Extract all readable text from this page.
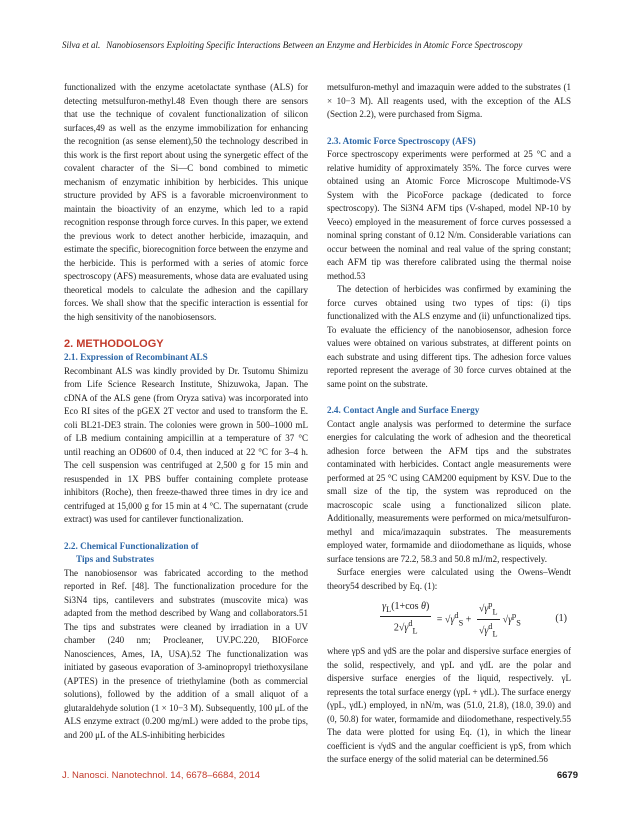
Silva et al. Nanobiosensors Exploiting Specific Interactions Between an Enzyme and Herbicides in Atomic Force Spectroscopy

functionalized with the enzyme acetolactate synthase (ALS) for detecting metsulfuron-methyl.48 Even though there are sensors that use the technique of covalent functionalization of silicon surfaces,49 as well as the enzyme immobilization for enhancing the recognition (as sense element),50 the technology described in this work is the first report about using the synergetic effect of the covalent character of the Si—C bond combined to mimetic mechanism of enzymatic inhibition by herbicides. This unique structure provided by AFS is a favorable microenvironment to maintain the bioactivity of an enzyme, which led to a rapid recognition response through force curves. In this paper, we extend the previous work to detect another herbicide, imazaquin, and estimate the specific, biorecognition force between the enzyme and the herbicide. This is performed with a series of atomic force spectroscopy (AFS) measurements, whose data are evaluated using theoretical models to calculate the adhesion and the capillary forces. We shall show that the specific interaction is essential for the high sensitivity of the nanobiosensors.

2. METHODOLOGY
2.1. Expression of Recombinant ALS

Recombinant ALS was kindly provided by Dr. Tsutomu Shimizu from Life Science Research Institute, Shizuwoka, Japan. The cDNA of the ALS gene (from Oryza sativa) was incorporated into Eco RI sites of the pGEX 2T vector and used to transform the E. coli BL21-DE3 strain. The colonies were grown in 500–1000 mL of LB medium containing ampicillin at a temperature of 37 °C until reaching an OD600 of 0.4, then induced at 22 °C for 3–4 h. The cell suspension was centrifuged at 2,500 g for 15 min and resuspended in 1X PBS buffer containing complete protease inhibitors (Roche), then freeze-thawed three times in dry ice and centrifuged at 15,000 g for 15 min at 4 °C. The supernatant (crude extract) was used for cantilever functionalization.

2.2. Chemical Functionalization of
Tips and Substrates

The nanobiosensor was fabricated according to the method reported in Ref. [48]. The functionalization procedure for the Si3N4 tips, cantilevers and substrates (muscovite mica) was adapted from the method described by Wang and collaborators.51 The tips and substrates were cleaned by irradiation in a UV chamber (240 nm; Procleaner, UV.PC.220, BIOForce Nanosciences, Ames, IA, USA).52 The functionalization was initiated by gaseous evaporation of 3-aminopropyl triethoxysilane (APTES) in the presence of triethylamine (both as commercial solutions), followed by the addition of a small aliquot of a glutaraldehyde solution (1 × 10−3 M). Subsequently, 100 μL of the ALS enzyme extract (0.200 mg/mL) were added to the probe tips, and 200 μL of the ALS-inhibiting herbicides

metsulfuron-methyl and imazaquin were added to the substrates (1 × 10−3 M). All reagents used, with the exception of the ALS (Section 2.2), were purchased from Sigma.

2.3. Atomic Force Spectroscopy (AFS)

Force spectroscopy experiments were performed at 25 °C and a relative humidity of approximately 35%. The force curves were obtained using an Atomic Force Microscope Multimode-VS System with the PicoForce package (dedicated to force spectroscopy). The Si3N4 AFM tips (V-shaped, model NP-10 by Veeco) employed in the measurement of force curves possessed a nominal spring constant of 0.12 N/m. Considerable variations can occur between the nominal and real value of the spring constant; each AFM tip was therefore calibrated using the thermal noise method.53

The detection of herbicides was confirmed by examining the force curves obtained using two types of tips: (i) tips functionalized with the ALS enzyme and (ii) unfunctionalized tips. To evaluate the efficiency of the nanobiosensor, adhesion force values were obtained on various substrates, at different points on each substrate and using different tips. The adhesion force values reported represent the average of 30 force curves obtained at the same point on the substrate.

2.4. Contact Angle and Surface Energy

Contact angle analysis was performed to determine the surface energies for calculating the work of adhesion and the theoretical adhesion force between the AFM tips and the substrates contaminated with herbicides. Contact angle measurements were performed at 25 °C using CAM200 equipment by KSV. Due to the small size of the tip, the system was reproduced on the macroscopic scale using a functionalized silicon plate. Additionally, measurements were performed on mica/metsulfuron-methyl and mica/imazaquin substrates. The measurements employed water, formamide and diiodomethane as liquids, whose surface tensions are 72.2, 58.3 and 50.8 mJ/m2, respectively.

Surface energies were calculated using the Owens–Wendt theory54 described by Eq. (1):

$\frac{\gamma_L(1+\cos \theta)}{2√\gamma^d_L} = √\gamma^d_S + \frac{√\gamma^p_L}{√\gamma^d_L} √\gamma^p_S$	(1)

where γpS and γdS are the polar and dispersive surface energies of the solid, respectively, and γpL and γdL are the polar and dispersive surface energies of the liquid, respectively. γL represents the total surface energy (γpL + γdL). The surface energy (γpL, γdL) employed, in nN/m, was (51.0, 21.8), (18.0, 39.0) and (0, 50.8) for water, formamide and diiodomethane, respectively.55 The data were plotted for using Eq. (1), in which the linear coefficient is √γdS and the angular coefficient is γpS, from which the surface energy of the solid material can be determined.56

J. Nanosci. Nanotechnol. 14, 6678–6684, 2014	6679
